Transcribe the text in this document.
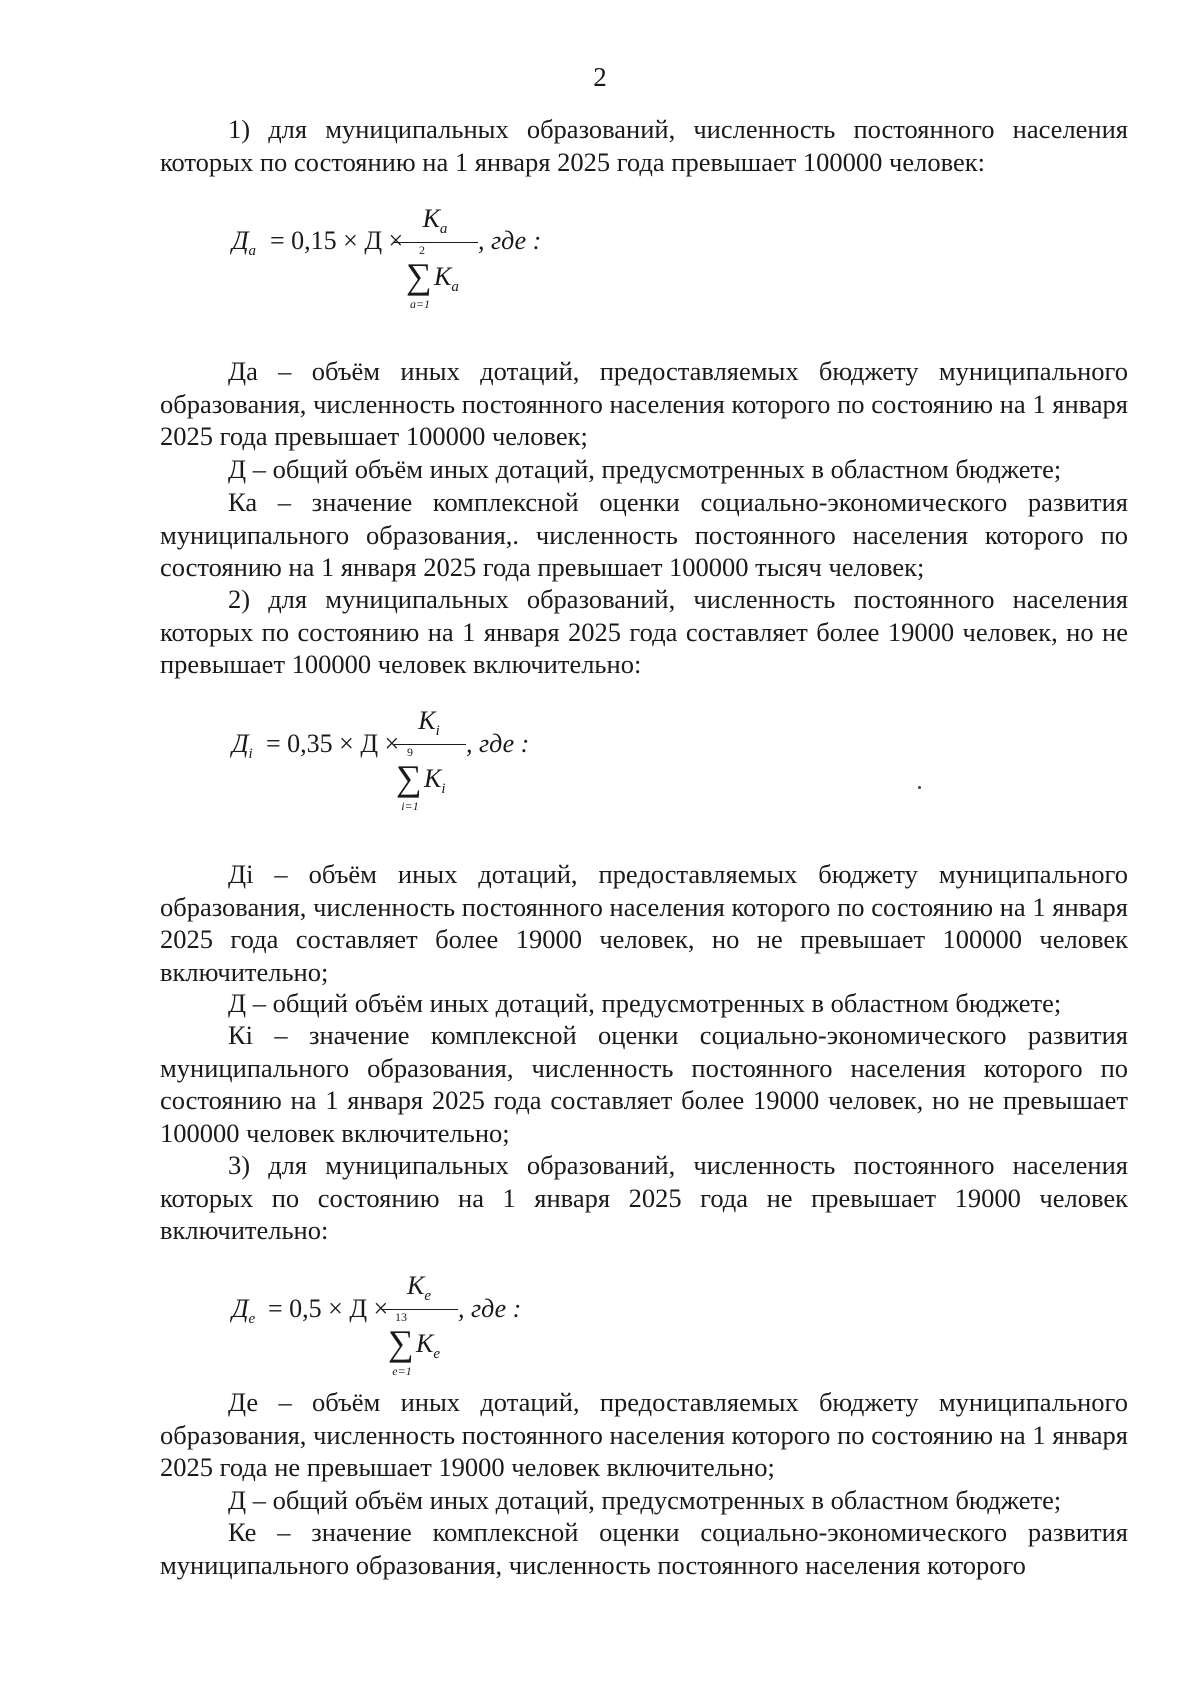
2

1) для муниципальных образований, численность постоянного населения которых по состоянию на 1 января 2025 года превышает 100000 человек:

$Д_a = 0,15 \times Д$ ×
$K_a$
2
∑ $K_a$
a=1
, где :

Да – объём иных дотаций, предоставляемых бюджету муниципального образования, численность постоянного населения которого по состоянию на 1 января 2025 года превышает 100000 человек;

Д – общий объём иных дотаций, предусмотренных в областном бюджете;

Ка – значение комплексной оценки социально-экономического развития муниципального образования,. численность постоянного населения которого по состоянию на 1 января 2025 года превышает 100000 тысяч человек;

2) для муниципальных образований, численность постоянного населения которых по состоянию на 1 января 2025 года составляет более 19000 человек, но не превышает 100000 человек включительно:

$Д_i = 0,35 \times Д$ ×
$K_i$
9
∑ $K_i$
i=1
, где :

Дi – объём иных дотаций, предоставляемых бюджету муниципального образования, численность постоянного населения которого по состоянию на 1 января 2025 года составляет более 19000 человек, но не превышает 100000 человек включительно;

Д – общий объём иных дотаций, предусмотренных в областном бюджете;

Кi – значение комплексной оценки социально-экономического развития муниципального образования, численность постоянного населения которого по состоянию на 1 января 2025 года составляет более 19000 человек, но не превышает 100000 человек включительно;

3) для муниципальных образований, численность постоянного населения которых по состоянию на 1 января 2025 года не превышает 19000 человек включительно:

$Д_e = 0,5 \times Д$ ×
$K_e$
13
∑ $K_e$
e=1
, где :

Де – объём иных дотаций, предоставляемых бюджету муниципального образования, численность постоянного населения которого по состоянию на 1 января 2025 года не превышает 19000 человек включительно;

Д – общий объём иных дотаций, предусмотренных в областном бюджете;

Ке – значение комплексной оценки социально-экономического развития муниципального образования, численность постоянного населения которого
